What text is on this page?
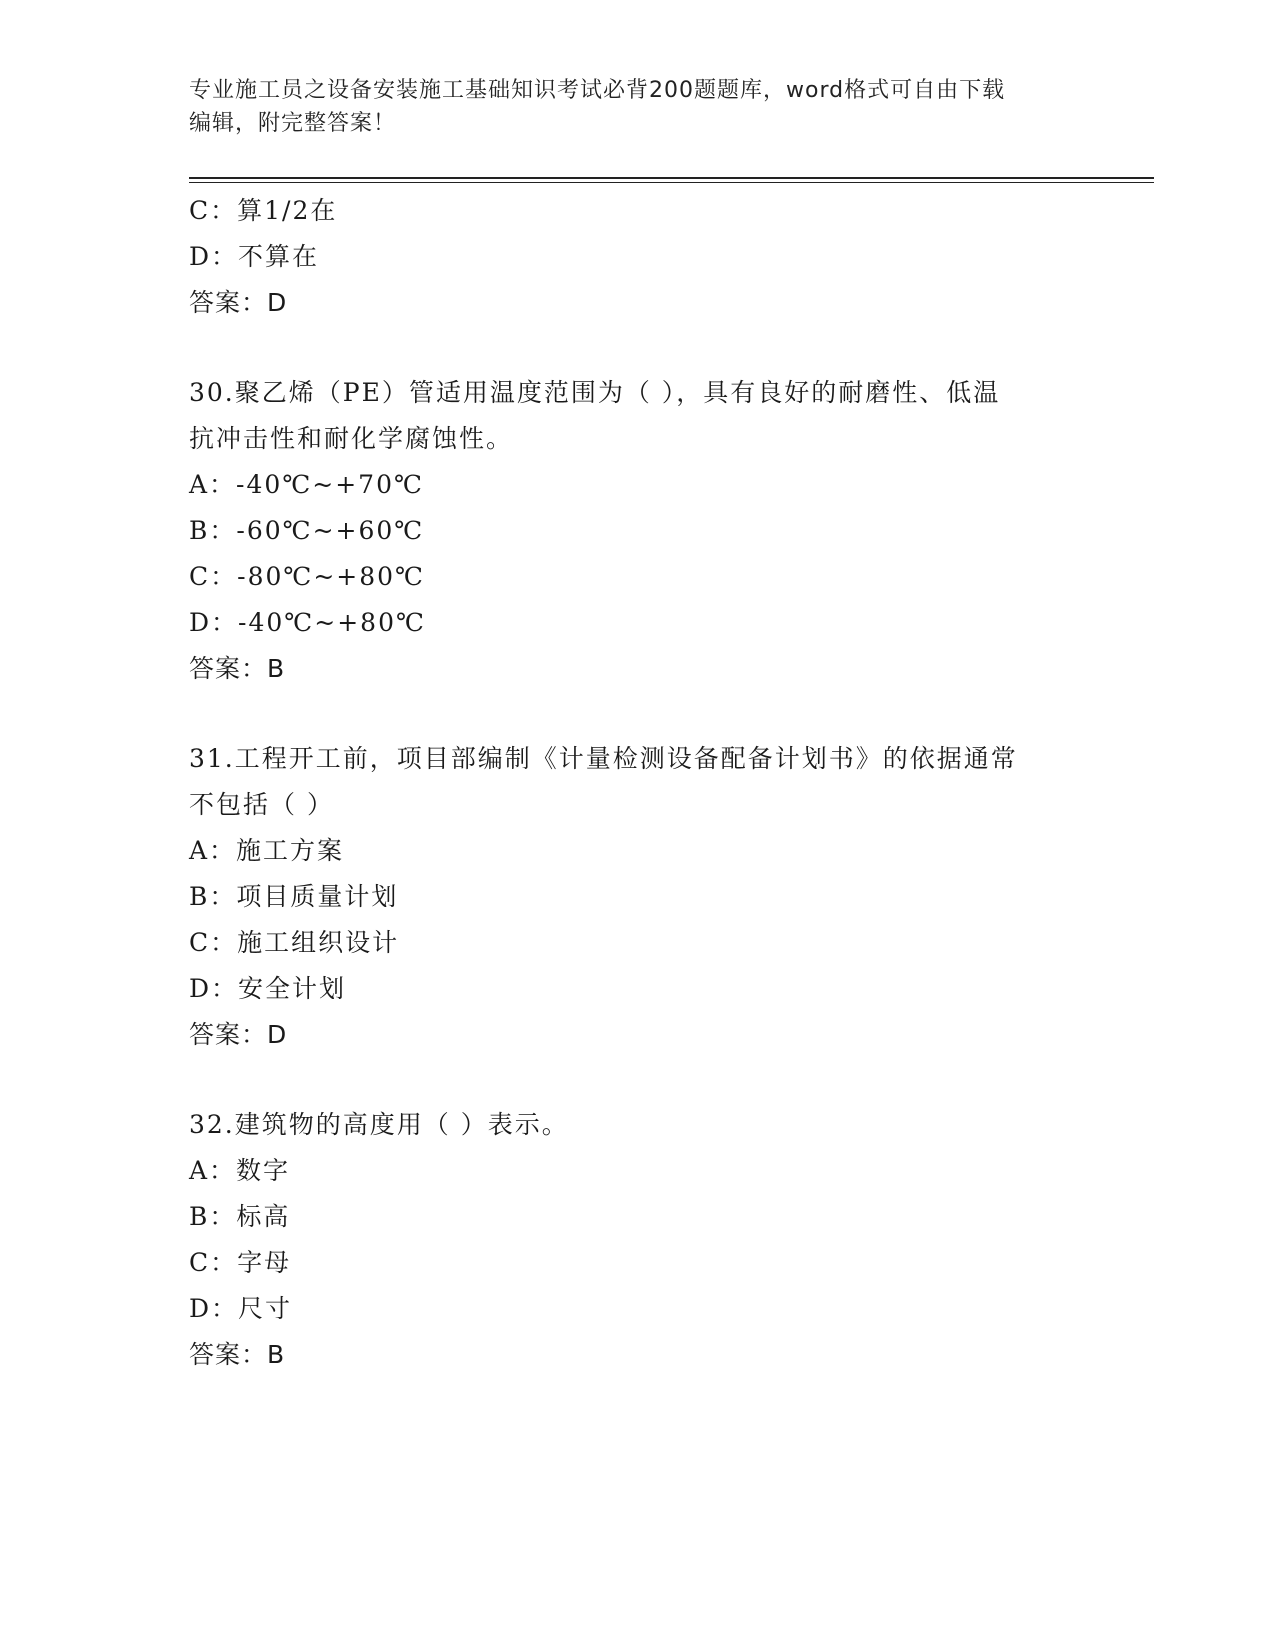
专业施工员之设备安装施工基础知识考试必背200题题库，word格式可自由下载
编辑，附完整答案！
C：算1/2在
D：不算在
答案：D
30.聚乙烯（PE）管适用温度范围为（ ），具有良好的耐磨性、低温
抗冲击性和耐化学腐蚀性。
A：-40℃~+70℃
B：-60℃~+60℃
C：-80℃~+80℃
D：-40℃~+80℃
答案：B
31.工程开工前，项目部编制《计量检测设备配备计划书》的依据通常
不包括（ ）
A：施工方案
B：项目质量计划
C：施工组织设计
D：安全计划
答案：D
32.建筑物的高度用（ ）表示。
A：数字
B：标高
C：字母
D：尺寸
答案：B
